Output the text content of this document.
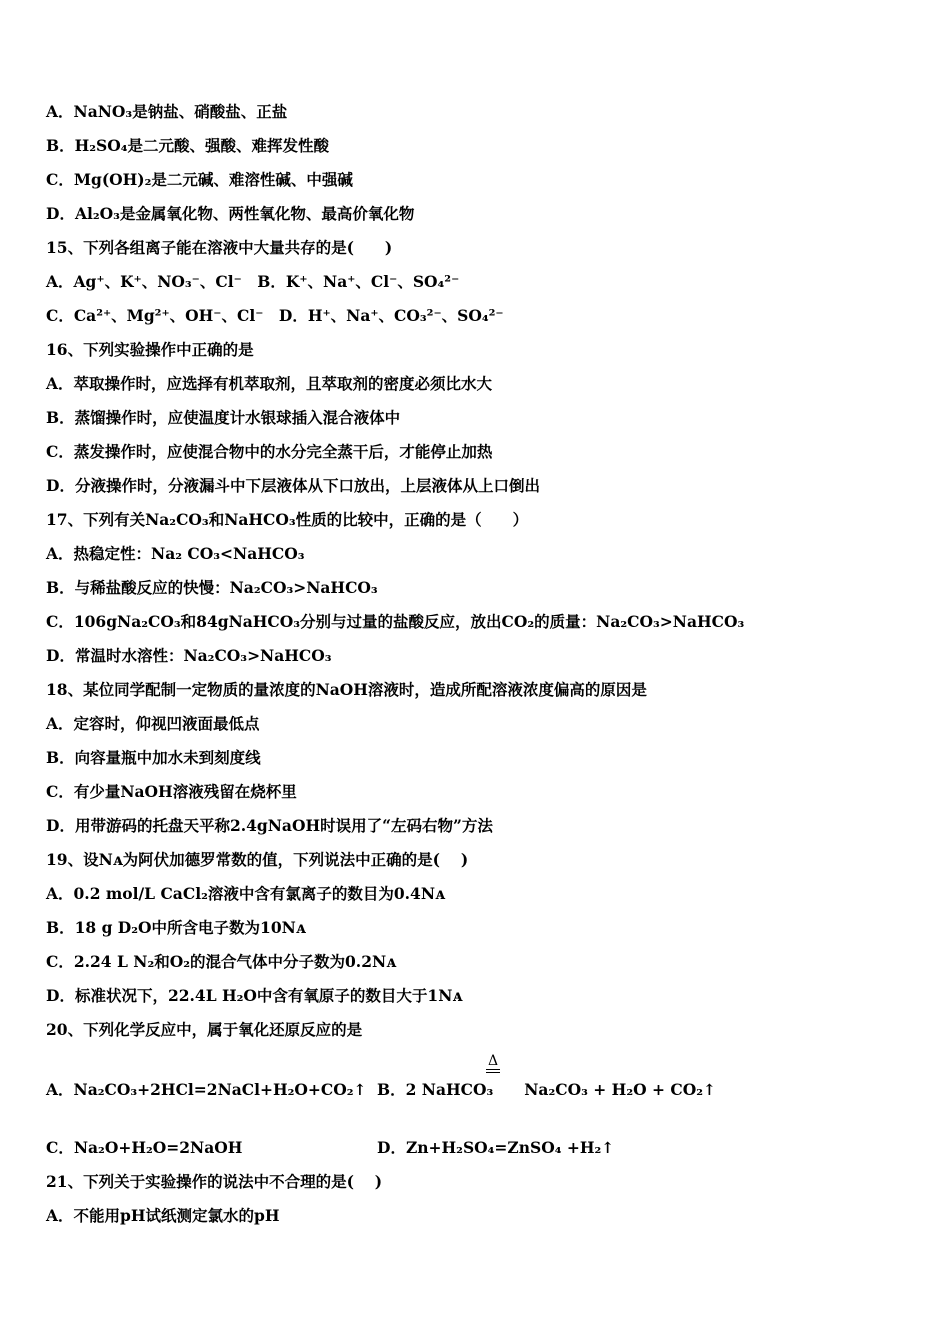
A．NaNO₃是钠盐、硝酸盐、正盐
B．H₂SO₄是二元酸、强酸、难挥发性酸
C．Mg(OH)₂是二元碱、难溶性碱、中强碱
D．Al₂O₃是金属氧化物、两性氧化物、最高价氧化物
15、下列各组离子能在溶液中大量共存的是(　　)
A．Ag⁺、K⁺、NO₃⁻、Cl⁻　B．K⁺、Na⁺、Cl⁻、SO₄²⁻
C．Ca²⁺、Mg²⁺、OH⁻、Cl⁻　D．H⁺、Na⁺、CO₃²⁻、SO₄²⁻
16、下列实验操作中正确的是
A．萃取操作时，应选择有机萃取剂，且萃取剂的密度必须比水大
B．蒸馏操作时，应使温度计水银球插入混合液体中
C．蒸发操作时，应使混合物中的水分完全蒸干后，才能停止加热
D．分液操作时，分液漏斗中下层液体从下口放出，上层液体从上口倒出
17、下列有关Na₂CO₃和NaHCO₃性质的比较中，正确的是（　　）
A．热稳定性：Na₂ CO₃<NaHCO₃
B．与稀盐酸反应的快慢：Na₂CO₃>NaHCO₃
C．106gNa₂CO₃和84gNaHCO₃分别与过量的盐酸反应，放出CO₂的质量：Na₂CO₃>NaHCO₃
D．常温时水溶性：Na₂CO₃>NaHCO₃
18、某位同学配制一定物质的量浓度的NaOH溶液时，造成所配溶液浓度偏高的原因是
A．定容时，仰视凹液面最低点
B．向容量瓶中加水未到刻度线
C．有少量NaOH溶液残留在烧杯里
D．用带游码的托盘天平称2.4gNaOH时误用了“左码右物”方法
19、设Nᴀ为阿伏加德罗常数的值，下列说法中正确的是(　 )
A．0.2 mol/L CaCl₂溶液中含有氯离子的数目为0.4Nᴀ
B．18 g D₂O中所含电子数为10Nᴀ
C．2.24 L N₂和O₂的混合气体中分子数为0.2Nᴀ
D．标准状况下，22.4L H₂O中含有氧原子的数目大于1Nᴀ
20、下列化学反应中，属于氧化还原反应的是
Δ
A．Na₂CO₃+2HCl=2NaCl+H₂O+CO₂↑ B．2 NaHCO₃　　Na₂CO₃ + H₂O + CO₂↑
C．Na₂O+H₂O=2NaOH	D．Zn+H₂SO₄=ZnSO₄ +H₂↑
21、下列关于实验操作的说法中不合理的是(　 )
A．不能用pH试纸测定氯水的pH
